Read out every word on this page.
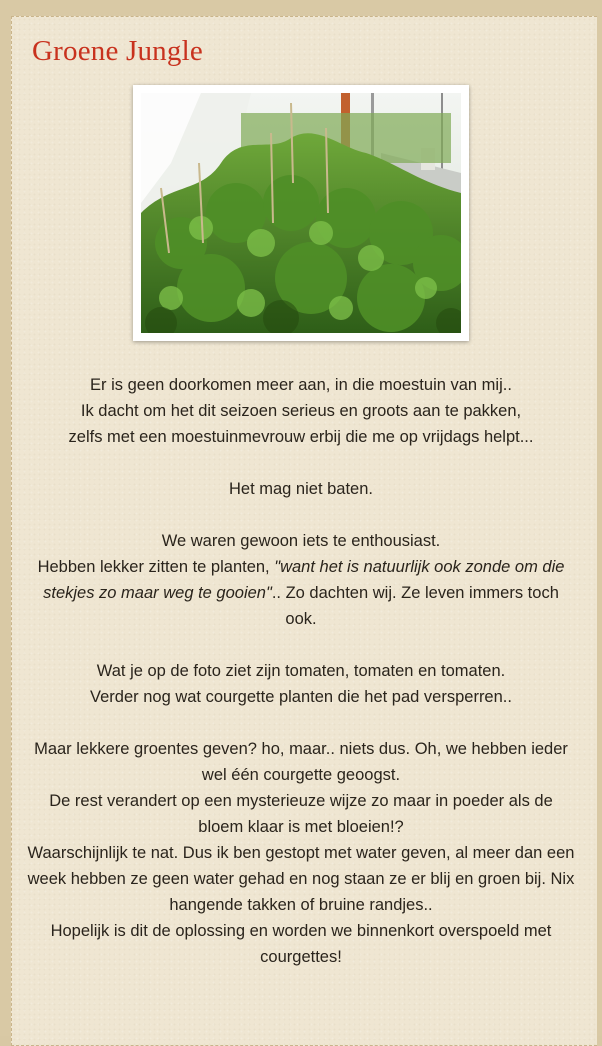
Groene Jungle

Er is geen doorkomen meer aan, in die moestuin van mij..
Ik dacht om het dit seizoen serieus en groots aan te pakken,
zelfs met een moestuinmevrouw erbij die me op vrijdags helpt...

Het mag niet baten.

We waren gewoon iets te enthousiast.
Hebben lekker zitten te planten, "want het is natuurlijk ook zonde om die stekjes zo maar weg te gooien".. Zo dachten wij. Ze leven immers toch ook.

Wat je op de foto ziet zijn tomaten, tomaten en tomaten.
Verder nog wat courgette planten die het pad versperren..

Maar lekkere groentes geven? ho, maar.. niets dus. Oh, we hebben ieder wel één courgette geoogst.
De rest verandert op een mysterieuze wijze zo maar in poeder als de bloem klaar is met bloeien!?
Waarschijnlijk te nat. Dus ik ben gestopt met water geven, al meer dan een week hebben ze geen water gehad en nog staan ze er blij en groen bij. Nix hangende takken of bruine randjes..
Hopelijk is dit de oplossing en worden we binnenkort overspoeld met courgettes!
